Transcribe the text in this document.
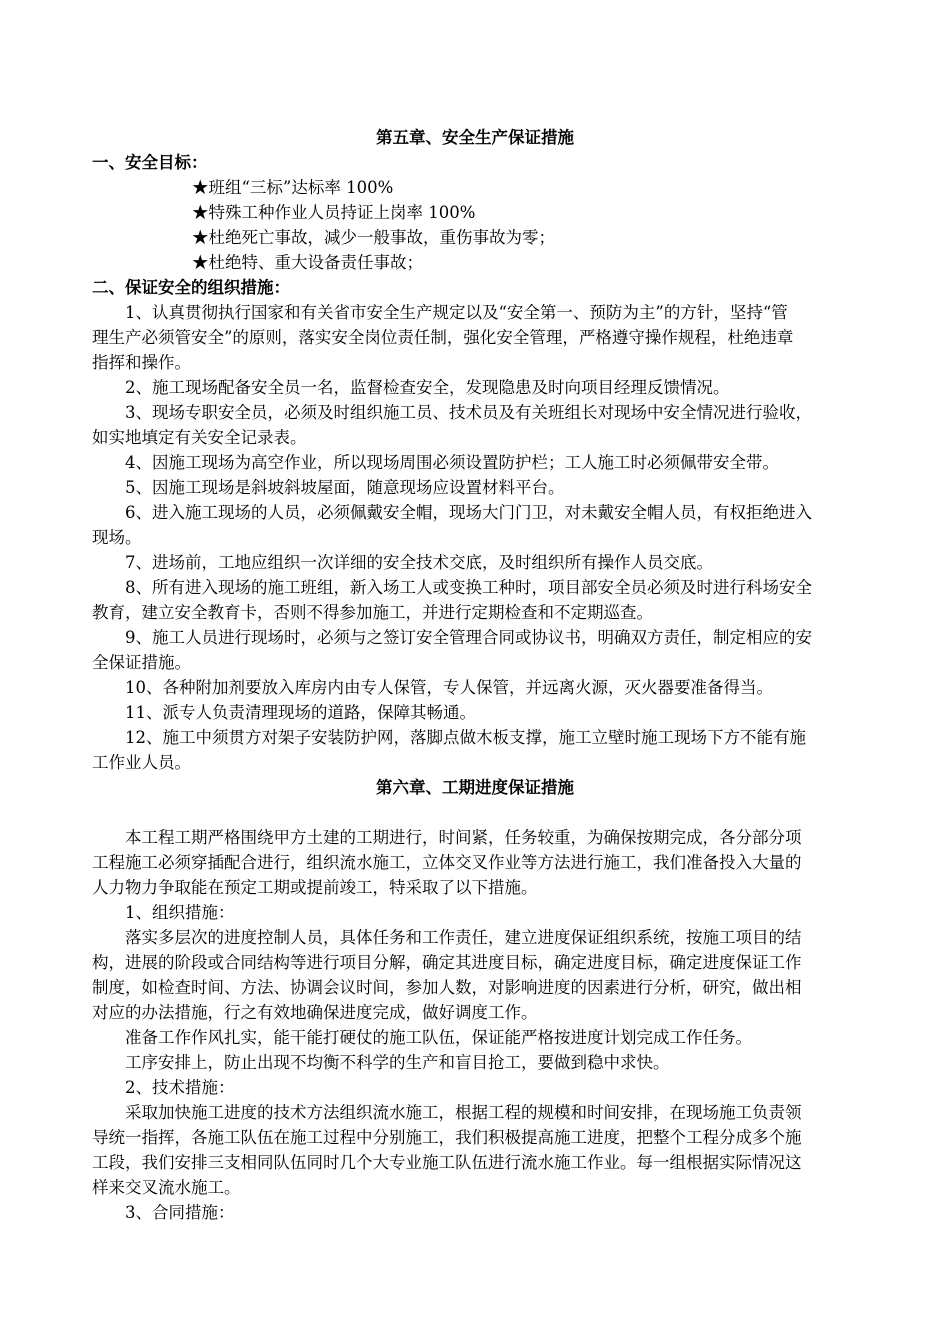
第五章、安全生产保证措施
一、安全目标：
★班组“三标”达标率 100%
★特殊工种作业人员持证上岗率 100%
★杜绝死亡事故，减少一般事故，重伤事故为零；
★杜绝特、重大设备责任事故；
二、保证安全的组织措施：
1、认真贯彻执行国家和有关省市安全生产规定以及“安全第一、预防为主”的方针，坚持“管
理生产必须管安全”的原则，落实安全岗位责任制，强化安全管理，严格遵守操作规程，杜绝违章
指挥和操作。
2、施工现场配备安全员一名，监督检查安全，发现隐患及时向项目经理反馈情况。
3、现场专职安全员，必须及时组织施工员、技术员及有关班组长对现场中安全情况进行验收，
如实地填定有关安全记录表。
4、因施工现场为高空作业，所以现场周围必须设置防护栏；工人施工时必须佩带安全带。
5、因施工现场是斜坡斜坡屋面，随意现场应设置材料平台。
6、进入施工现场的人员，必须佩戴安全帽，现场大门门卫，对未戴安全帽人员，有权拒绝进入
现场。
7、进场前，工地应组织一次详细的安全技术交底，及时组织所有操作人员交底。
8、所有进入现场的施工班组，新入场工人或变换工种时，项目部安全员必须及时进行科场安全
教育，建立安全教育卡，否则不得参加施工，并进行定期检查和不定期巡查。
9、施工人员进行现场时，必须与之签订安全管理合同或协议书，明确双方责任，制定相应的安
全保证措施。
10、各种附加剂要放入库房内由专人保管，专人保管，并远离火源，灭火器要准备得当。
11、派专人负责清理现场的道路，保障其畅通。
12、施工中须贯方对架子安装防护网，落脚点做木板支撑，施工立壁时施工现场下方不能有施
工作业人员。
第六章、工期进度保证措施
本工程工期严格围绕甲方土建的工期进行，时间紧，任务较重，为确保按期完成，各分部分项
工程施工必须穿插配合进行，组织流水施工，立体交叉作业等方法进行施工，我们准备投入大量的
人力物力争取能在预定工期或提前竣工，特采取了以下措施。
1、组织措施：
落实多层次的进度控制人员，具体任务和工作责任，建立进度保证组织系统，按施工项目的结
构，进展的阶段或合同结构等进行项目分解，确定其进度目标，确定进度目标，确定进度保证工作
制度，如检查时间、方法、协调会议时间，参加人数，对影响进度的因素进行分析，研究，做出相
对应的办法措施，行之有效地确保进度完成，做好调度工作。
准备工作作风扎实，能干能打硬仗的施工队伍，保证能严格按进度计划完成工作任务。
工序安排上，防止出现不均衡不科学的生产和盲目抢工，要做到稳中求快。
2、技术措施：
采取加快施工进度的技术方法组织流水施工，根据工程的规模和时间安排，在现场施工负责领
导统一指挥，各施工队伍在施工过程中分别施工，我们积极提高施工进度，把整个工程分成多个施
工段，我们安排三支相同队伍同时几个大专业施工队伍进行流水施工作业。每一组根据实际情况这
样来交叉流水施工。
3、合同措施：
